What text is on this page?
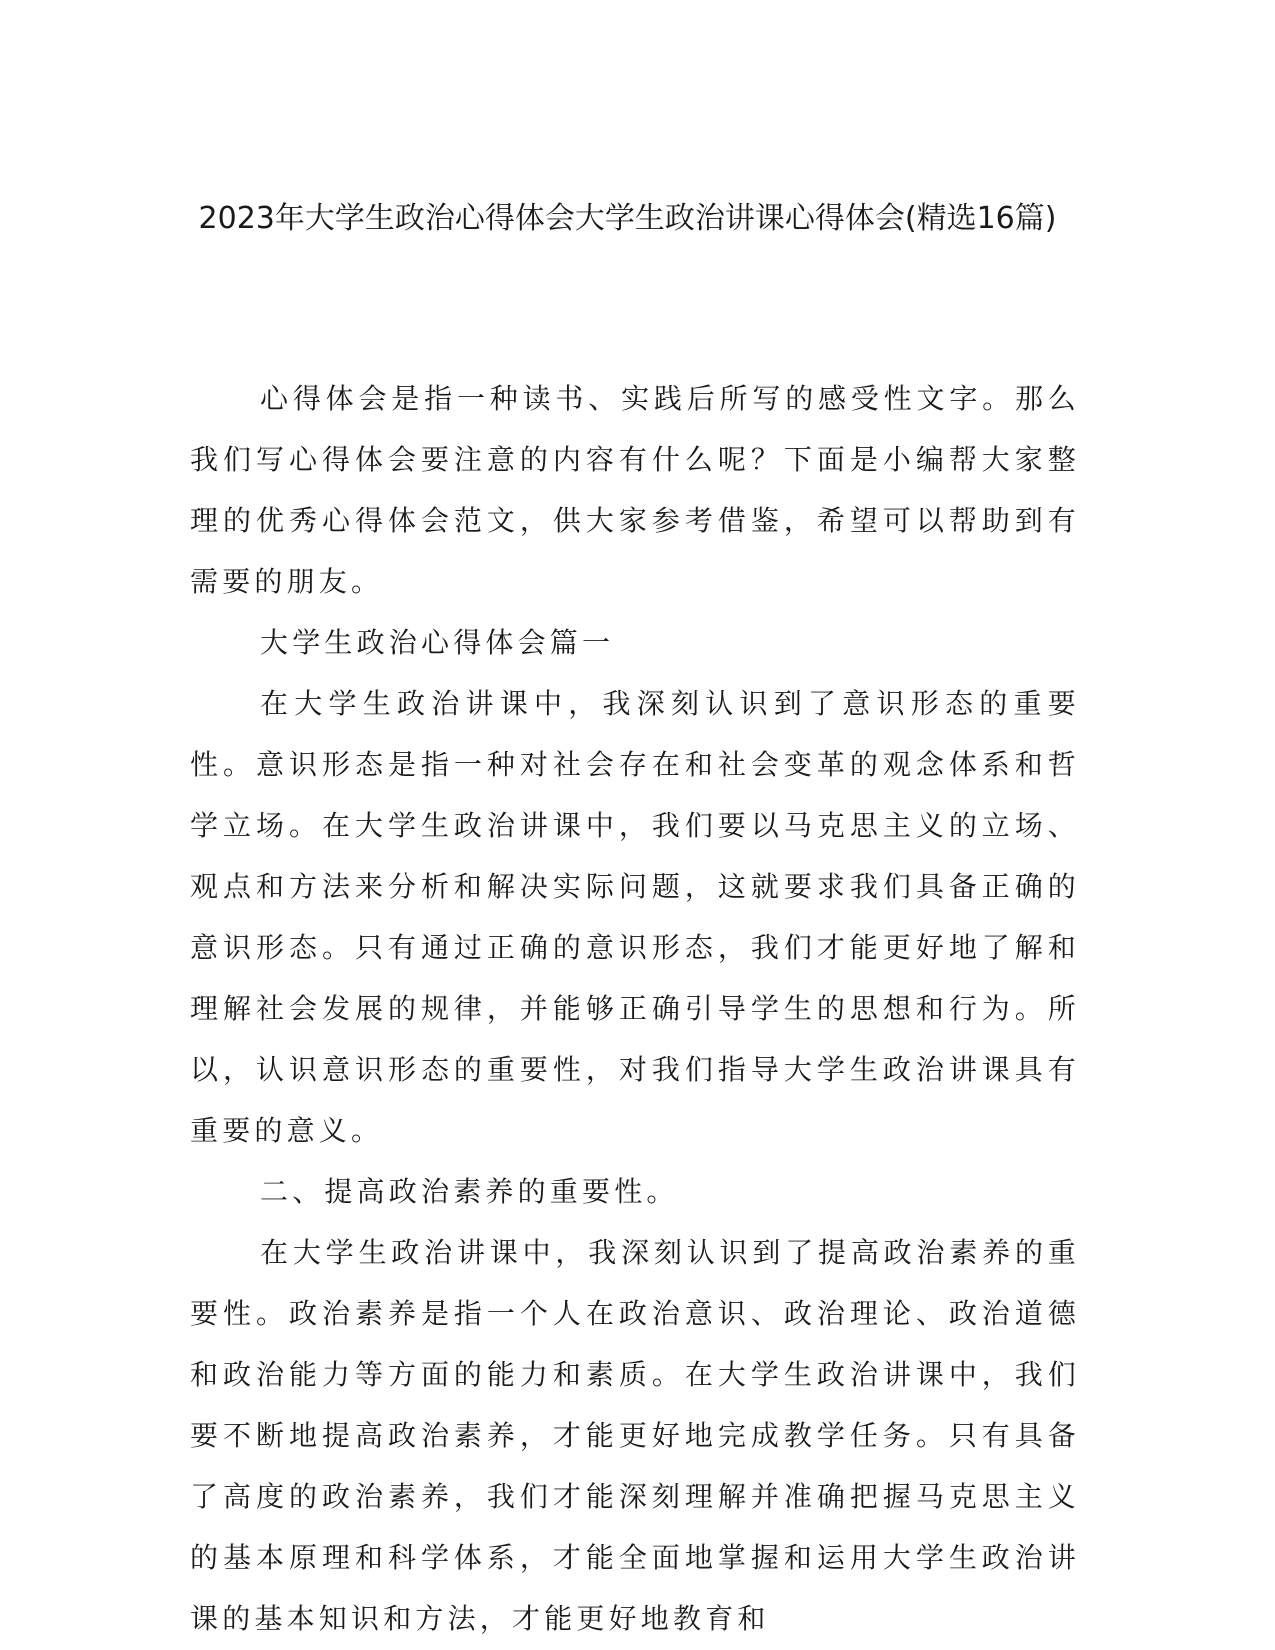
2023年大学生政治心得体会大学生政治讲课心得体会(精选16篇)

心得体会是指一种读书、实践后所写的感受性文字。那么我们写心得体会要注意的内容有什么呢？下面是小编帮大家整理的优秀心得体会范文，供大家参考借鉴，希望可以帮助到有需要的朋友。

大学生政治心得体会篇一

在大学生政治讲课中，我深刻认识到了意识形态的重要性。意识形态是指一种对社会存在和社会变革的观念体系和哲学立场。在大学生政治讲课中，我们要以马克思主义的立场、观点和方法来分析和解决实际问题，这就要求我们具备正确的意识形态。只有通过正确的意识形态，我们才能更好地了解和理解社会发展的规律，并能够正确引导学生的思想和行为。所以，认识意识形态的重要性，对我们指导大学生政治讲课具有重要的意义。

二、提高政治素养的重要性。

在大学生政治讲课中，我深刻认识到了提高政治素养的重要性。政治素养是指一个人在政治意识、政治理论、政治道德和政治能力等方面的能力和素质。在大学生政治讲课中，我们要不断地提高政治素养，才能更好地完成教学任务。只有具备了高度的政治素养，我们才能深刻理解并准确把握马克思主义的基本原理和科学体系，才能全面地掌握和运用大学生政治讲课的基本知识和方法，才能更好地教育和
